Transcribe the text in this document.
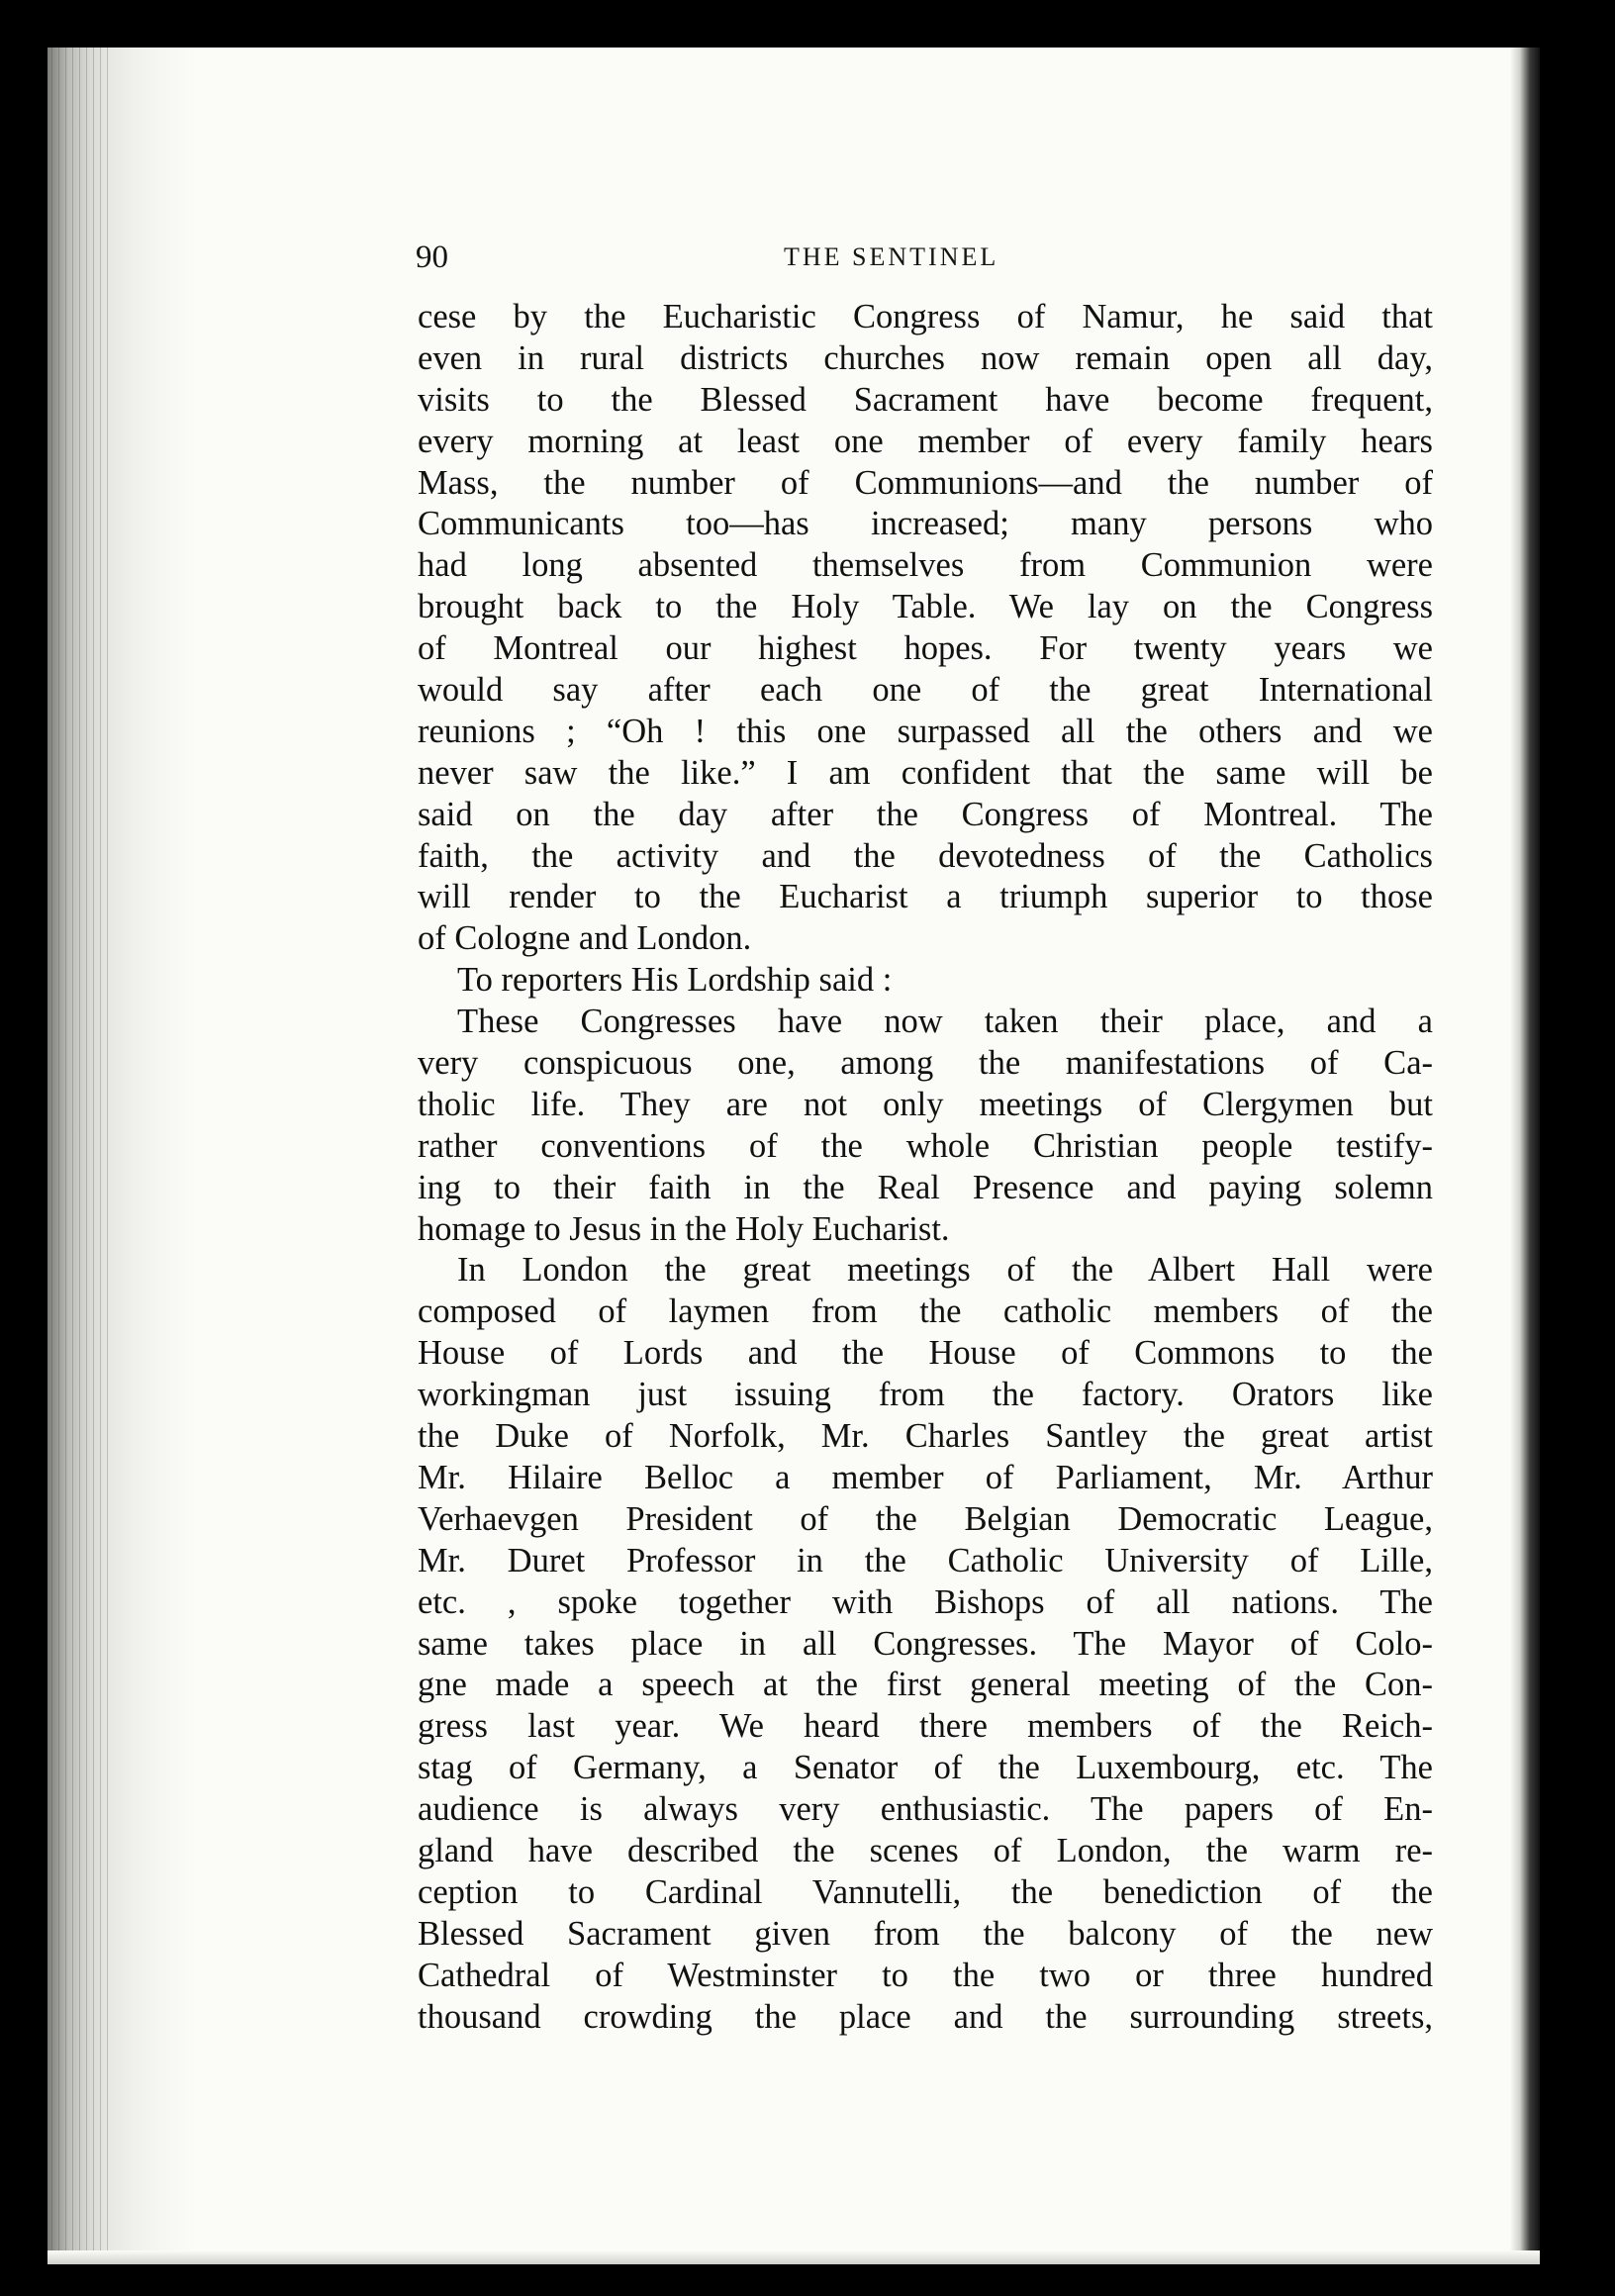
90	THE SENTINEL
cese by the Eucharistic Congress of Namur, he said that
even in rural districts churches now remain open all day,
visits to the Blessed Sacrament have become frequent,
every morning at least one member of every family hears
Mass, the number of Communions—and the number of
Communicants too—has increased; many persons who
had long absented themselves from Communion were
brought back to the Holy Table. We lay on the Congress
of Montreal our highest hopes. For twenty years we
would say after each one of the great International
reunions ; “Oh ! this one surpassed all the others and we
never saw the like.” I am confident that the same will be
said on the day after the Congress of Montreal. The
faith, the activity and the devotedness of the Catholics
will render to the Eucharist a triumph superior to those
of Cologne and London.
To reporters His Lordship said :
These Congresses have now taken their place, and a
very conspicuous one, among the manifestations of Ca-
tholic life. They are not only meetings of Clergymen but
rather conventions of the whole Christian people testify-
ing to their faith in the Real Presence and paying solemn
homage to Jesus in the Holy Eucharist.
In London the great meetings of the Albert Hall were
composed of laymen from the catholic members of the
House of Lords and the House of Commons to the
workingman just issuing from the factory. Orators like
the Duke of Norfolk, Mr. Charles Santley the great artist
Mr. Hilaire Belloc a member of Parliament, Mr. Arthur
Verhaevgen President of the Belgian Democratic League,
Mr. Duret Professor in the Catholic University of Lille,
etc. , spoke together with Bishops of all nations. The
same takes place in all Congresses. The Mayor of Colo-
gne made a speech at the first general meeting of the Con-
gress last year. We heard there members of the Reich-
stag of Germany, a Senator of the Luxembourg, etc. The
audience is always very enthusiastic. The papers of En-
gland have described the scenes of London, the warm re-
ception to Cardinal Vannutelli, the benediction of the
Blessed Sacrament given from the balcony of the new
Cathedral of Westminster to the two or three hundred
thousand crowding the place and the surrounding streets,
